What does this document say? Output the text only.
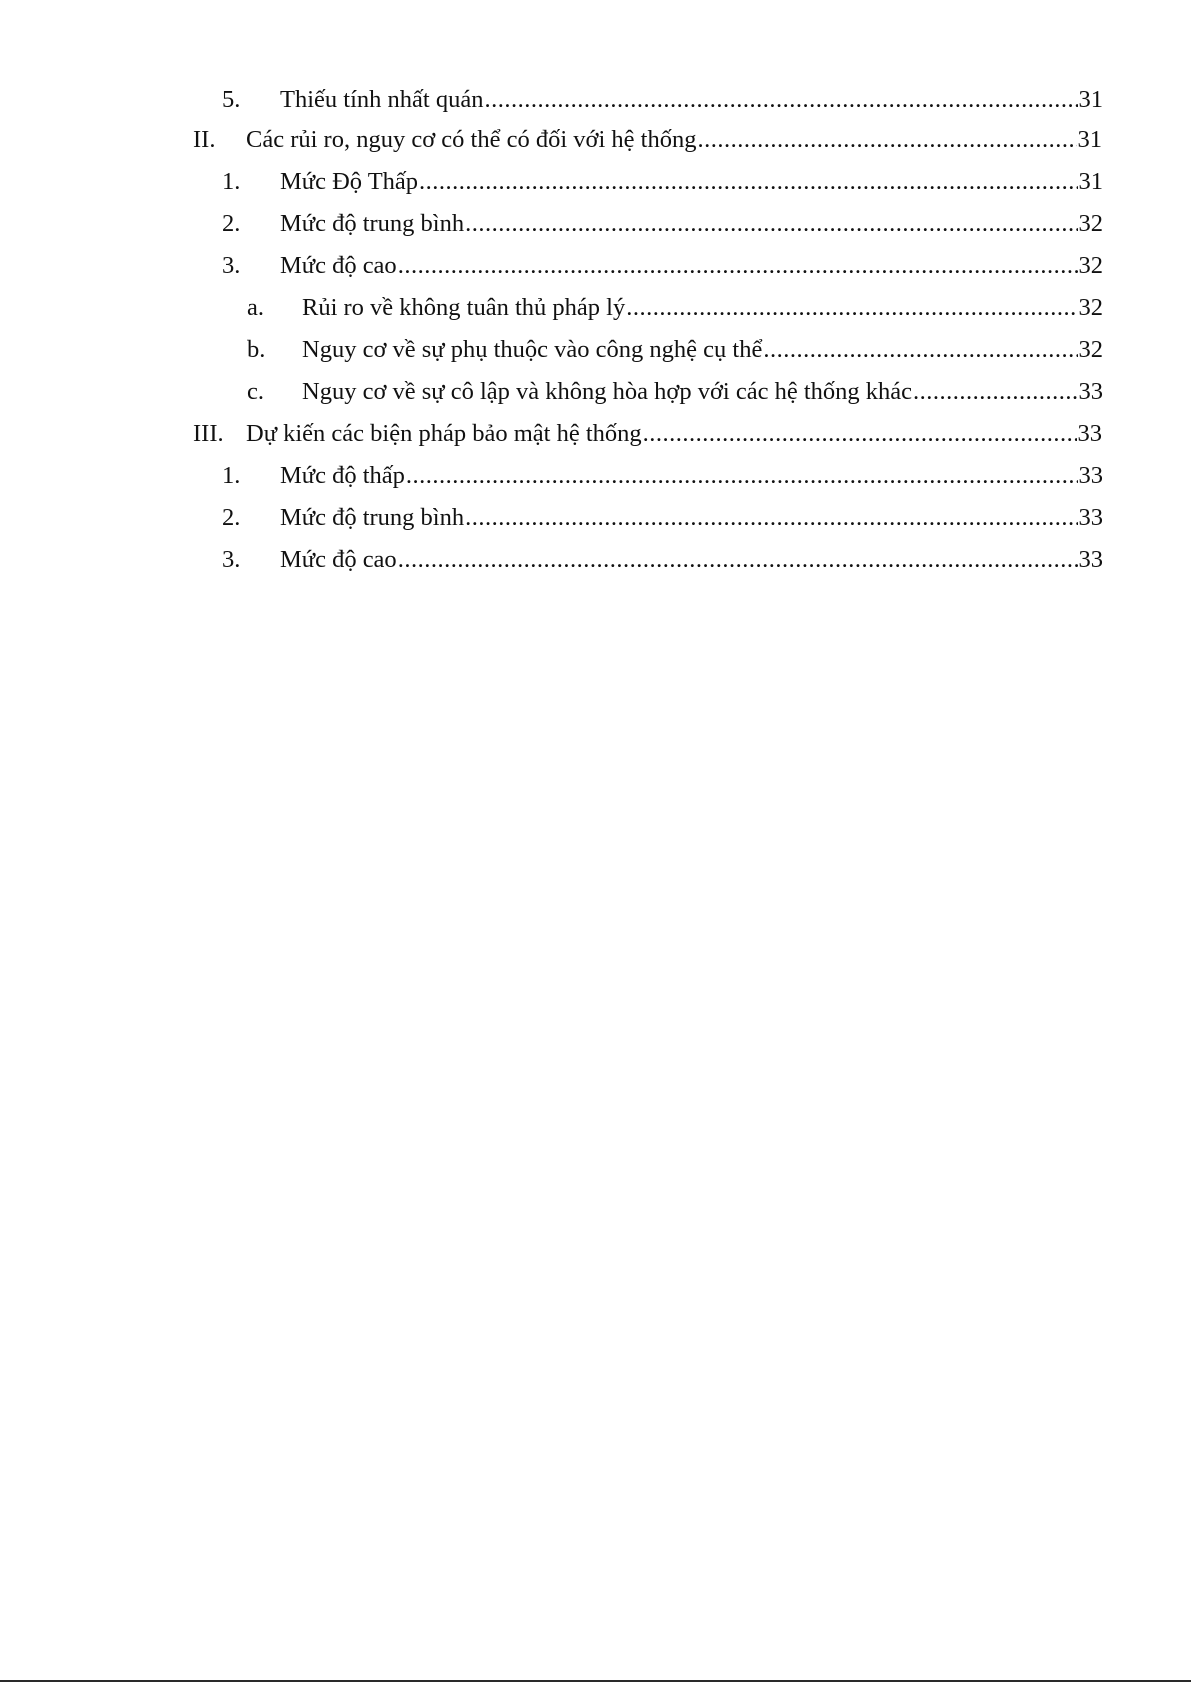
5.	Thiếu tính nhất quán .....	31
II.	Các rủi ro, nguy cơ có thể có đối với hệ thống .....	31
1.	Mức Độ Thấp .....	31
2.	Mức độ trung bình .....	32
3.	Mức độ cao .....	32
a.	Rủi ro về không tuân thủ pháp lý .....	32
b.	Nguy cơ về sự phụ thuộc vào công nghệ cụ thể .....	32
c.	Nguy cơ về sự cô lập và không hòa hợp với các hệ thống khác .....	33
III. Dự kiến các biện pháp bảo mật hệ thống .....	33
1.	Mức độ thấp .....	33
2.	Mức độ trung bình .....	33
3.	Mức độ cao .....	33
